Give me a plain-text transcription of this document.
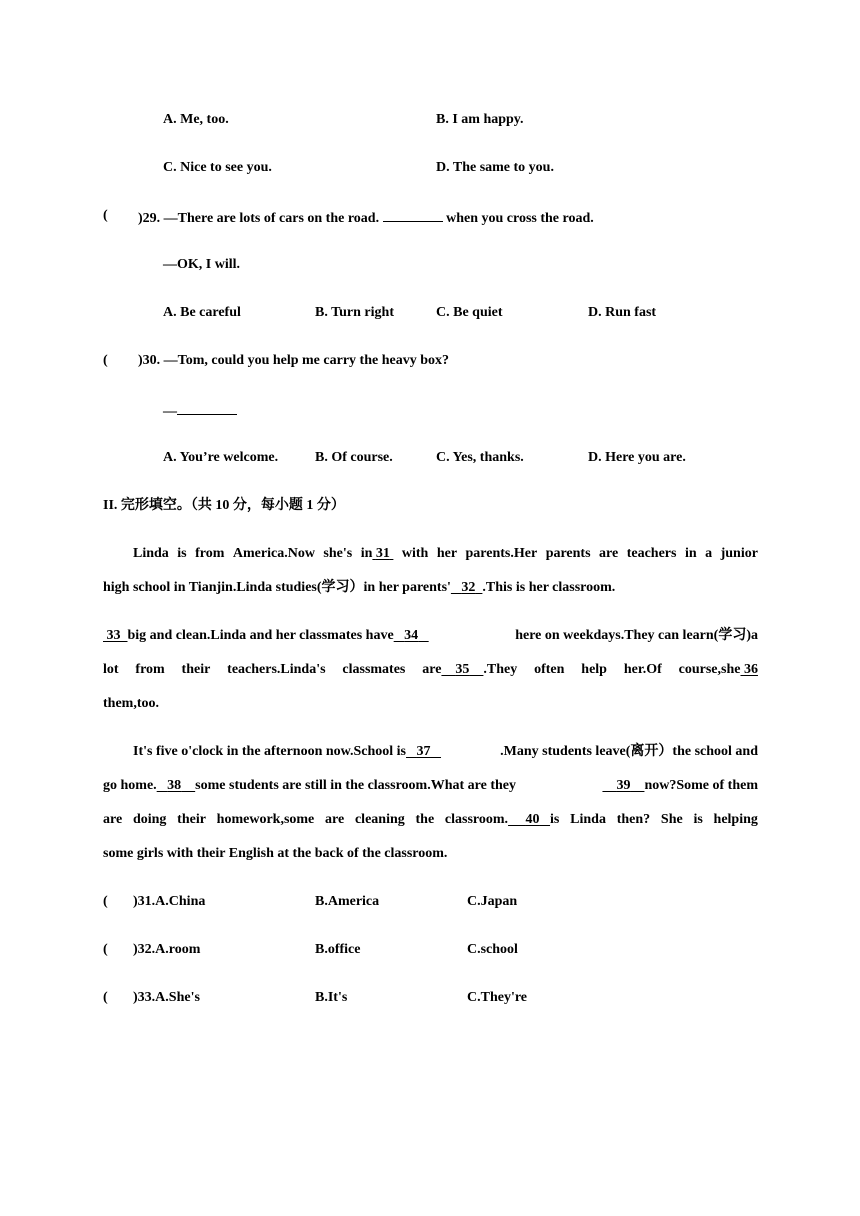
A. Me, too.	B. I am happy.
C. Nice to see you.	D. The same to you.
( )29. —There are lots of cars on the road.	when you cross the road.
—OK, I will.
A. Be careful	B. Turn right	C. Be quiet	D. Run fast
( )30. —Tom, could you help me carry the heavy box?
—
A. You’re welcome.	B. Of course.	C. Yes, thanks.	D. Here you are.
II. 完形填空。（共 10 分，每小题 1 分）
Linda is from America.Now she's in 31 with her parents.Her parents are teachers in a junior
high school in Tianjin.Linda studies(学习）in her parents' 32 .This is her classroom.
33 big and clean.Linda and her classmates have 34	here on weekdays.They can learn(学习)a
lot from their teachers.Linda's classmates are 35 .They often help her.Of course,she 36
them,too.
It's five o'clock in the afternoon now.School is 37	.Many students leave(离开）the school and
go home. 38 some students are still in the classroom.What are they	39 now?Some of them
are doing their homework,some are cleaning the classroom. 40 is Linda then? She is helping
some girls with their English at the back of the classroom.
( )31.A.China	B.America	C.Japan
( )32.A.room	B.office	C.school
( )33.A.She's	B.It's	C.They're
